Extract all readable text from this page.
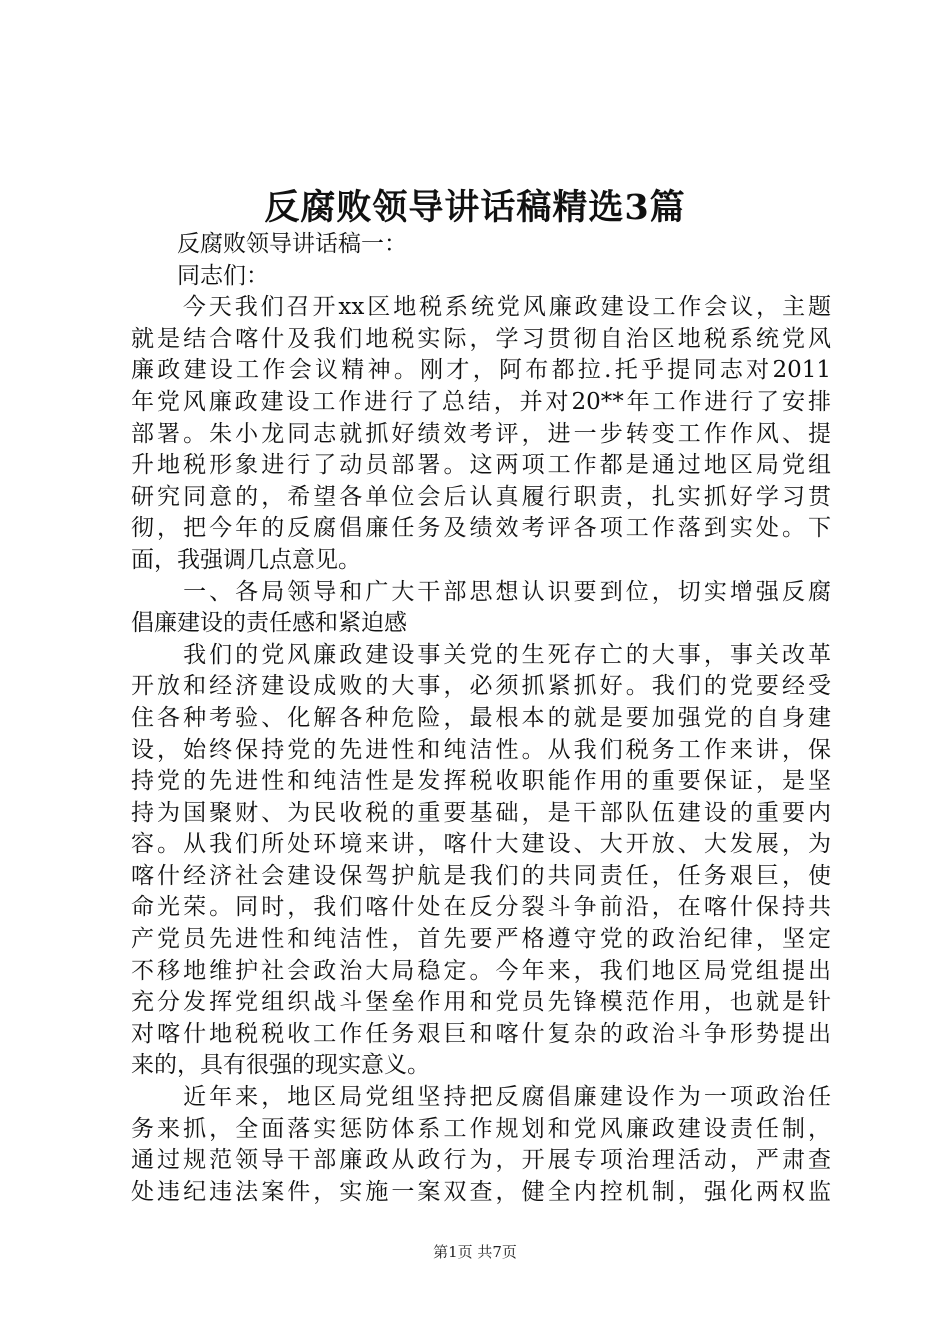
反腐败领导讲话稿精选3篇
　　反腐败领导讲话稿一：
　　同志们：
　　今天我们召开xx区地税系统党风廉政建设工作会议，主题
就是结合喀什及我们地税实际，学习贯彻自治区地税系统党风
廉政建设工作会议精神。刚才，阿布都拉.托乎提同志对2011
年党风廉政建设工作进行了总结，并对20**年工作进行了安排
部署。朱小龙同志就抓好绩效考评，进一步转变工作作风、提
升地税形象进行了动员部署。这两项工作都是通过地区局党组
研究同意的，希望各单位会后认真履行职责，扎实抓好学习贯
彻，把今年的反腐倡廉任务及绩效考评各项工作落到实处。下
面，我强调几点意见。
　　一、各局领导和广大干部思想认识要到位，切实增强反腐
倡廉建设的责任感和紧迫感
　　我们的党风廉政建设事关党的生死存亡的大事，事关改革
开放和经济建设成败的大事，必须抓紧抓好。我们的党要经受
住各种考验、化解各种危险，最根本的就是要加强党的自身建
设，始终保持党的先进性和纯洁性。从我们税务工作来讲，保
持党的先进性和纯洁性是发挥税收职能作用的重要保证，是坚
持为国聚财、为民收税的重要基础，是干部队伍建设的重要内
容。从我们所处环境来讲，喀什大建设、大开放、大发展，为
喀什经济社会建设保驾护航是我们的共同责任，任务艰巨，使
命光荣。同时，我们喀什处在反分裂斗争前沿，在喀什保持共
产党员先进性和纯洁性，首先要严格遵守党的政治纪律，坚定
不移地维护社会政治大局稳定。今年来，我们地区局党组提出
充分发挥党组织战斗堡垒作用和党员先锋模范作用，也就是针
对喀什地税税收工作任务艰巨和喀什复杂的政治斗争形势提出
来的，具有很强的现实意义。
　　近年来，地区局党组坚持把反腐倡廉建设作为一项政治任
务来抓，全面落实惩防体系工作规划和党风廉政建设责任制，
通过规范领导干部廉政从政行为，开展专项治理活动，严肃查
处违纪违法案件，实施一案双查，健全内控机制，强化两权监
第1页 共7页
